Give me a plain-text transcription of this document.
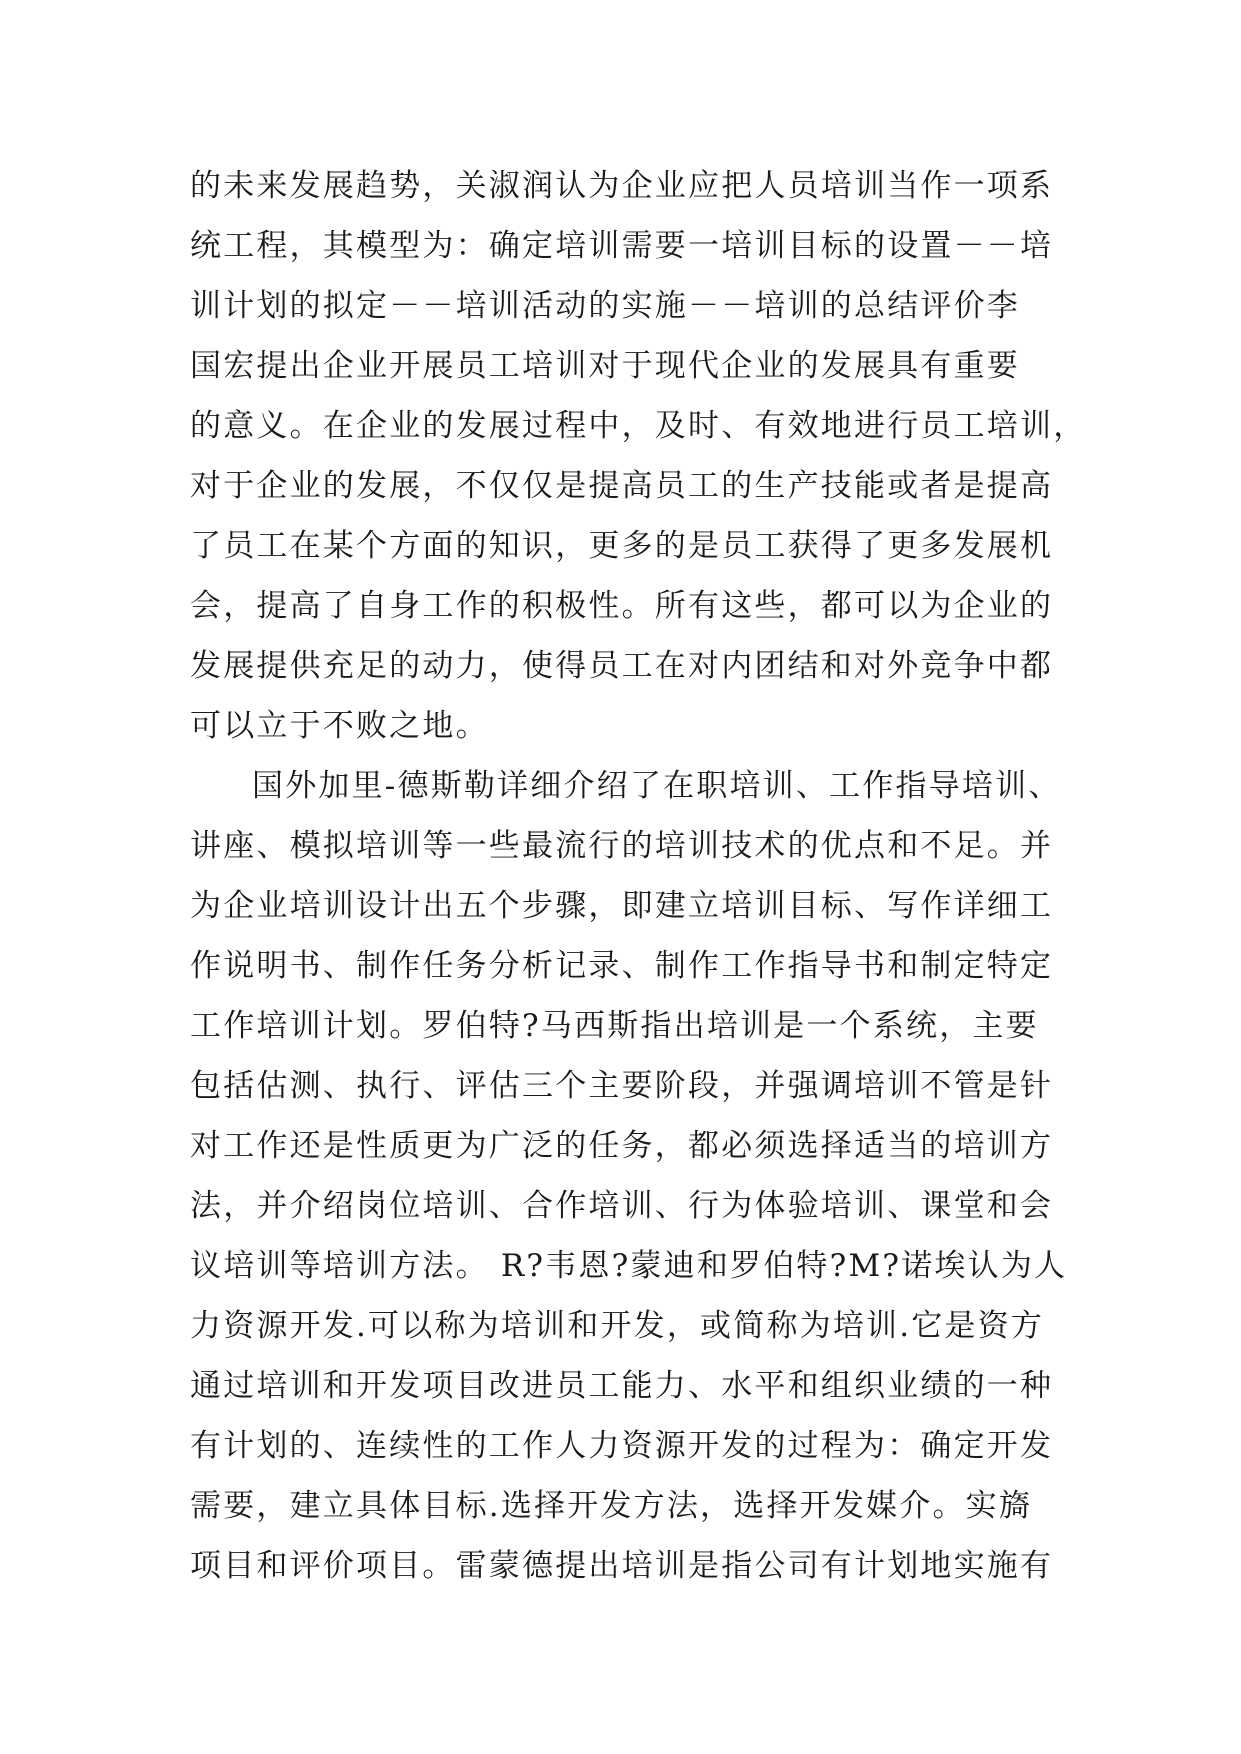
的未来发展趋势，关淑润认为企业应把人员培训当作一项系
统工程，其模型为：确定培训需要一培训目标的设置－－培
训计划的拟定－－培训活动的实施－－培训的总结评价李
国宏提出企业开展员工培训对于现代企业的发展具有重要
的意义。在企业的发展过程中，及时、有效地进行员工培训，
对于企业的发展，不仅仅是提高员工的生产技能或者是提高
了员工在某个方面的知识，更多的是员工获得了更多发展机
会，提高了自身工作的积极性。所有这些，都可以为企业的
发展提供充足的动力，使得员工在对内团结和对外竞争中都
可以立于不败之地。
国外加里-德斯勒详细介绍了在职培训、工作指导培训、
讲座、模拟培训等一些最流行的培训技术的优点和不足。并
为企业培训设计出五个步骤，即建立培训目标、写作详细工
作说明书、制作任务分析记录、制作工作指导书和制定特定
工作培训计划。罗伯特?马西斯指出培训是一个系统，主要
包括估测、执行、评估三个主要阶段，并强调培训不管是针
对工作还是性质更为广泛的任务，都必须选择适当的培训方
法，并介绍岗位培训、合作培训、行为体验培训、课堂和会
议培训等培训方法。 R?韦恩?蒙迪和罗伯特?M?诺埃认为人
力资源开发.可以称为培训和开发，或简称为培训.它是资方
通过培训和开发项目改进员工能力、水平和组织业绩的一种
有计划的、连续性的工作人力资源开发的过程为：确定开发
需要，建立具体目标.选择开发方法，选择开发媒介。实旖
项目和评价项目。雷蒙德提出培训是指公司有计划地实施有
